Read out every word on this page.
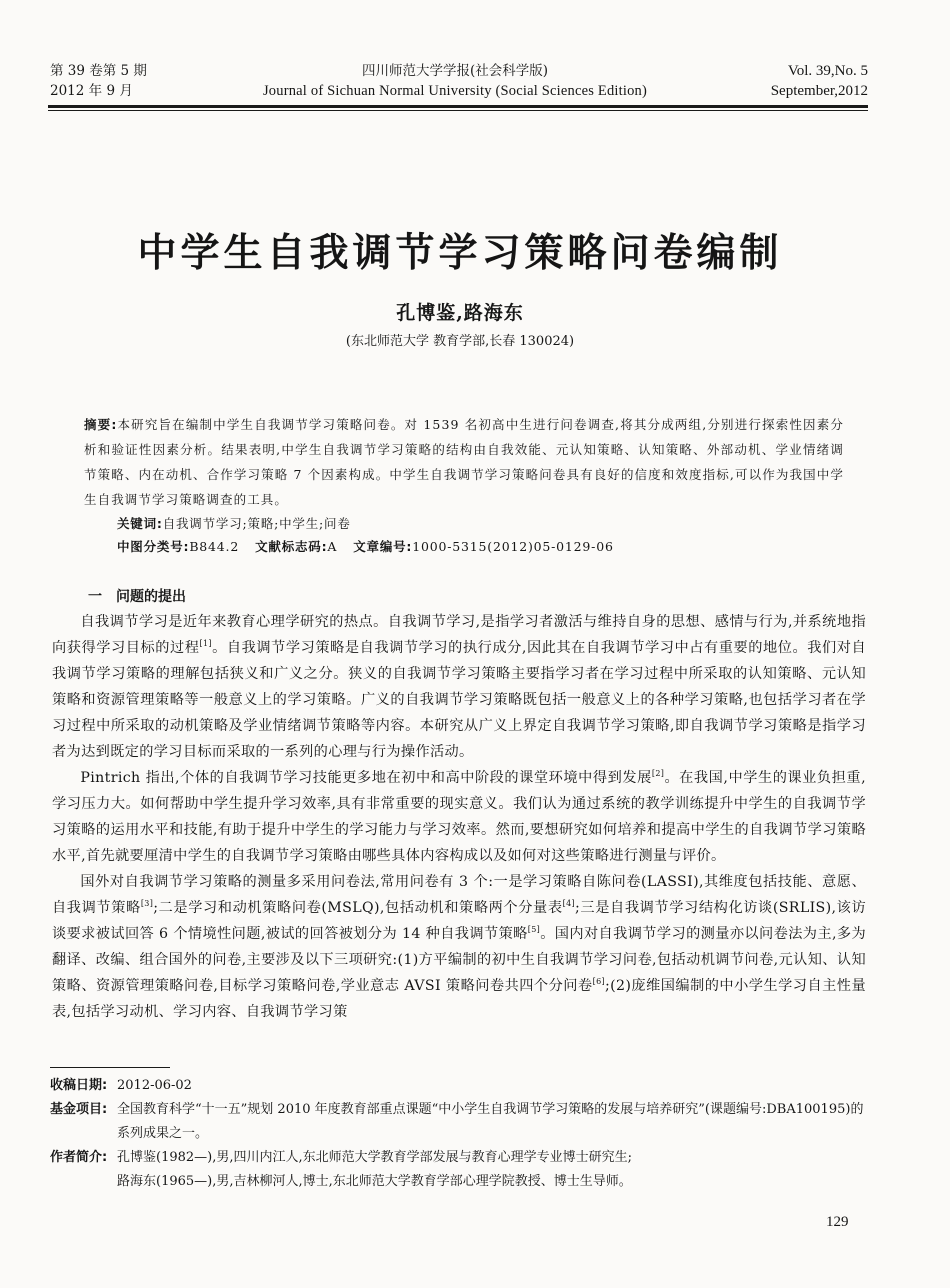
第 39 卷第 5 期
2012 年 9 月
四川师范大学学报(社会科学版)
Journal of Sichuan Normal University (Social Sciences Edition)
Vol. 39,No. 5
September,2012
中学生自我调节学习策略问卷编制
孔博鉴,路海东
(东北师范大学 教育学部,长春 130024)
摘要:本研究旨在编制中学生自我调节学习策略问卷。对 1539 名初高中生进行问卷调查,将其分成两组,分别进行探索性因素分析和验证性因素分析。结果表明,中学生自我调节学习策略的结构由自我效能、元认知策略、认知策略、外部动机、学业情绪调节策略、内在动机、合作学习策略 7 个因素构成。中学生自我调节学习策略问卷具有良好的信度和效度指标,可以作为我国中学生自我调节学习策略调查的工具。
关键词:自我调节学习;策略;中学生;问卷
中图分类号:B844.2 文献标志码:A 文章编号:1000-5315(2012)05-0129-06
一　问题的提出

自我调节学习是近年来教育心理学研究的热点。自我调节学习,是指学习者激活与维持自身的思想、感情与行为,并系统地指向获得学习目标的过程[1]。自我调节学习策略是自我调节学习的执行成分,因此其在自我调节学习中占有重要的地位。我们对自我调节学习策略的理解包括狭义和广义之分。狭义的自我调节学习策略主要指学习者在学习过程中所采取的认知策略、元认知策略和资源管理策略等一般意义上的学习策略。广义的自我调节学习策略既包括一般意义上的各种学习策略,也包括学习者在学习过程中所采取的动机策略及学业情绪调节策略等内容。本研究从广义上界定自我调节学习策略,即自我调节学习策略是指学习者为达到既定的学习目标而采取的一系列的心理与行为操作活动。

Pintrich 指出,个体的自我调节学习技能更多地在初中和高中阶段的课堂环境中得到发展[2]。在我国,中学生的课业负担重,学习压力大。如何帮助中学生提升学习效率,具有非常重要的现实意义。我们认为通过系统的教学训练提升中学生的自我调节学习策略的运用水平和技能,有助于提升中学生的学习能力与学习效率。然而,要想研究如何培养和提高中学生的自我调节学习策略水平,首先就要厘清中学生的自我调节学习策略由哪些具体内容构成以及如何对这些策略进行测量与评价。

国外对自我调节学习策略的测量多采用问卷法,常用问卷有 3 个:一是学习策略自陈问卷(LASSI),其维度包括技能、意愿、自我调节策略[3];二是学习和动机策略问卷(MSLQ),包括动机和策略两个分量表[4];三是自我调节学习结构化访谈(SRLIS),该访谈要求被试回答 6 个情境性问题,被试的回答被划分为 14 种自我调节策略[5]。国内对自我调节学习的测量亦以问卷法为主,多为翻译、改编、组合国外的问卷,主要涉及以下三项研究:(1)方平编制的初中生自我调节学习问卷,包括动机调节问卷,元认知、认知策略、资源管理策略问卷,目标学习策略问卷,学业意志 AVSI 策略问卷共四个分问卷[6];(2)庞维国编制的中小学生学习自主性量表,包括学习动机、学习内容、自我调节学习策

收稿日期: 2012-06-02
基金项目: 全国教育科学“十一五”规划 2010 年度教育部重点课题“中小学生自我调节学习策略的发展与培养研究”(课题编号:DBA100195)的系列成果之一。
作者简介: 孔博鉴(1982—),男,四川内江人,东北师范大学教育学部发展与教育心理学专业博士研究生;
路海东(1965—),男,吉林柳河人,博士,东北师范大学教育学部心理学院教授、博士生导师。
129
